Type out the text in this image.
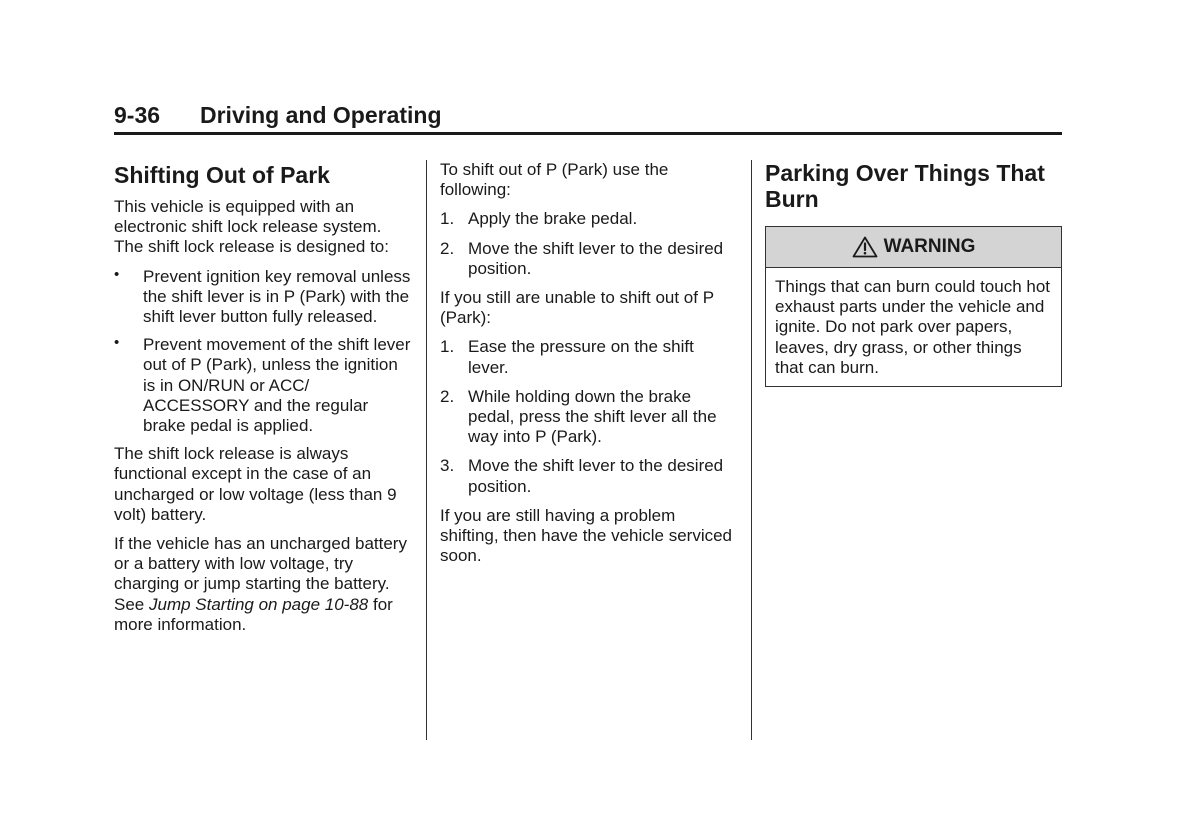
9-36 Driving and Operating
Shifting Out of Park

This vehicle is equipped with an electronic shift lock release system. The shift lock release is designed to:

• Prevent ignition key removal unless the shift lever is in P (Park) with the shift lever button fully released.
• Prevent movement of the shift lever out of P (Park), unless the ignition is in ON/RUN or ACC/ ACCESSORY and the regular brake pedal is applied.

The shift lock release is always functional except in the case of an uncharged or low voltage (less than 9 volt) battery.

If the vehicle has an uncharged battery or a battery with low voltage, try charging or jump starting the battery. See Jump Starting on page 10-88 for more information.

To shift out of P (Park) use the following:

1. Apply the brake pedal.
2. Move the shift lever to the desired position.

If you still are unable to shift out of P (Park):

1. Ease the pressure on the shift lever.
2. While holding down the brake pedal, press the shift lever all the way into P (Park).
3. Move the shift lever to the desired position.

If you are still having a problem shifting, then have the vehicle serviced soon.

Parking Over Things That Burn
WARNING
Things that can burn could touch hot exhaust parts under the vehicle and ignite. Do not park over papers, leaves, dry grass, or other things that can burn.
